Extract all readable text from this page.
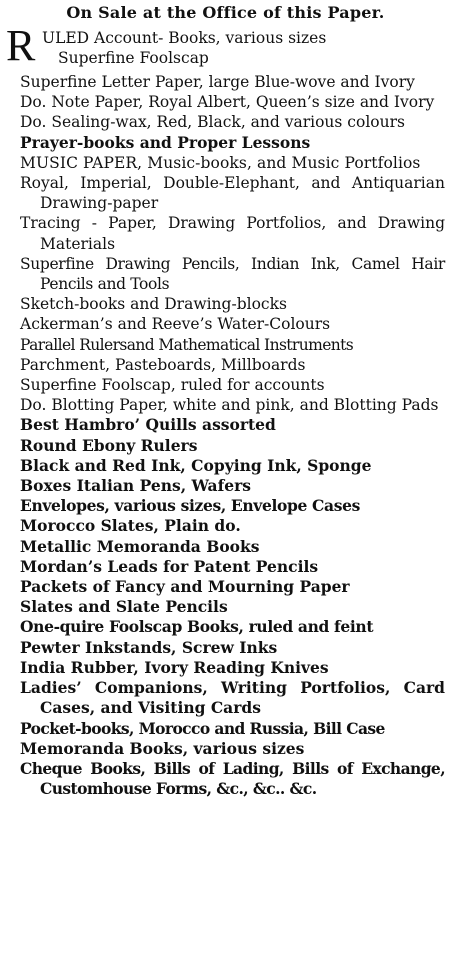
On Sale at the Office of this Paper.
R ULED Account- Books, various sizes
Superfine Foolscap
Superfine Letter Paper, large Blue-wove and Ivory
Do. Note Paper, Royal Albert, Queen’s size and Ivory
Do. Sealing-wax, Red, Black, and various colours
Prayer-books and Proper Lessons
MUSIC PAPER, Music-books, and Music Portfolios
Royal, Imperial, Double-Elephant, and Antiquarian Drawing-paper
Tracing - Paper, Drawing Portfolios, and Drawing Materials
Superfine Drawing Pencils, Indian Ink, Camel Hair Pencils and Tools
Sketch-books and Drawing-blocks
Ackerman’s and Reeve’s Water-Colours
Parallel Rulersand Mathematical Instruments
Parchment, Pasteboards, Millboards
Superfine Foolscap, ruled for accounts
Do. Blotting Paper, white and pink, and Blotting Pads
Best Hambro’ Quills assorted
Round Ebony Rulers
Black and Red Ink, Copying Ink, Sponge
Boxes Italian Pens, Wafers
Envelopes, various sizes, Envelope Cases
Morocco Slates, Plain do.
Metallic Memoranda Books
Mordan’s Leads for Patent Pencils
Packets of Fancy and Mourning Paper
Slates and Slate Pencils
One-quire Foolscap Books, ruled and feint
Pewter Inkstands, Screw Inks
India Rubber, Ivory Reading Knives
Ladies’ Companions, Writing Portfolios, Card Cases, and Visiting Cards
Pocket-books, Morocco and Russia, Bill Case
Memoranda Books, various sizes
Cheque Books, Bills of Lading, Bills of Exchange, Customhouse Forms, &c., &c.. &c.
